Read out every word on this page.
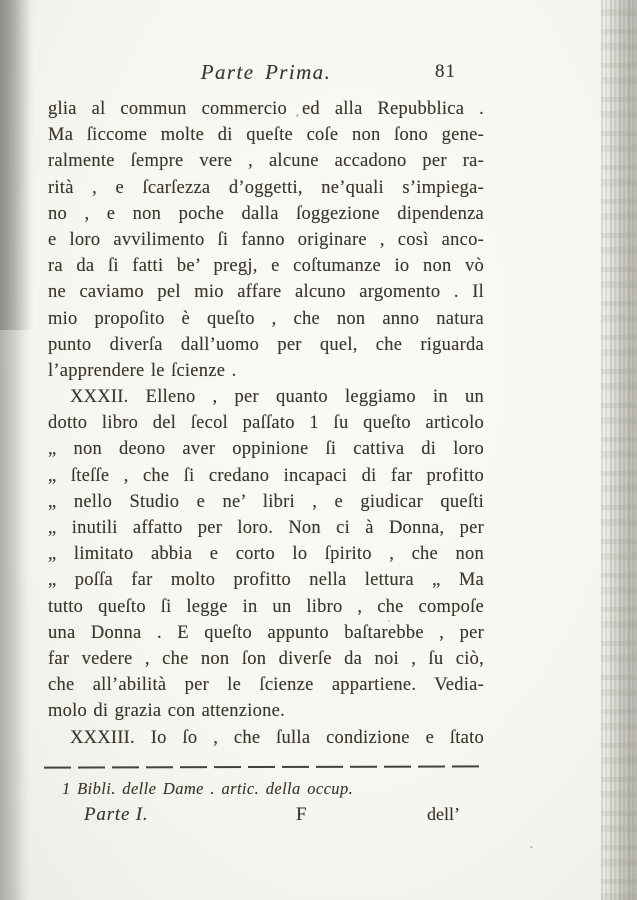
Parte Prima.	81
glia al commun commercio ed alla Repubblica .
Ma ſiccome molte di queſte coſe non ſono gene-
ralmente ſempre vere , alcune accadono per ra-
rità , e ſcarſezza d’oggetti, ne’quali s’impiega-
no , e non poche dalla ſoggezione dipendenza
e loro avvilimento ſi fanno originare , così anco-
ra da ſi fatti be’ pregj, e coſtumanze io non vò
ne caviamo pel mio affare alcuno argomento . Il
mio propoſito è queſto , che non anno natura
punto diverſa dall’uomo per quel, che riguarda
l’apprendere le ſcienze .
XXXII. Elleno , per quanto leggiamo in un
dotto libro del ſecol paſſato 1 ſu queſto articolo
„ non deono aver oppinione ſi cattiva di loro
„ ſteſſe , che ſi credano incapaci di far profitto
„ nello Studio e ne’ libri , e giudicar queſti
„ inutili affatto per loro. Non ci à Donna, per
„ limitato abbia e corto lo ſpirito , che non
„ poſſa far molto profitto nella lettura „ Ma
tutto queſto ſi legge in un libro , che compoſe
una Donna . E queſto appunto baſtarebbe , per
far vedere , che non ſon diverſe da noi , ſu ciò,
che all’abilità per le ſcienze appartiene. Vedia-
molo di grazia con attenzione.
XXXIII. Io ſo , che ſulla condizione e ſtato
1 Bibli. delle Dame . artic. della occup.
Parte I.	F	dell’
